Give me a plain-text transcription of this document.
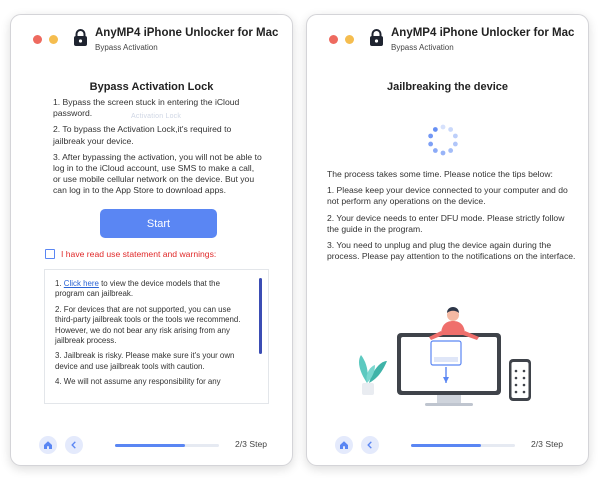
AnyMP4 iPhone Unlocker for Mac
Bypass Activation
Bypass Activation Lock
Activation Lock

1. Bypass the screen stuck in entering the iCloud password.

2. To bypass the Activation Lock,it's required to jailbreak your device.

3. After bypassing the activation, you will not be able to log in to the iCloud account, use SMS to make a call, or use mobile cellular network on the device. But you can log in to the App Store to download apps.

Start
I have read use statement and warnings:

1. Click here to view the device models that the program can jailbreak.

2. For devices that are not supported, you can use third-party jailbreak tools or the tools we recommend. However, we do not bear any risk arising from any jailbreak process.

3. Jailbreak is risky. Please make sure it's your own device and use jailbreak tools with caution.

4. We will not assume any responsibility for any

2/3 Step
AnyMP4 iPhone Unlocker for Mac
Bypass Activation
Jailbreaking the device

The process takes some time. Please notice the tips below:

1. Please keep your device connected to your computer and do not perform any operations on the device.

2. Your device needs to enter DFU mode. Please strictly follow the guide in the program.

3. You need to unplug and plug the device again during the process. Please pay attention to the notifications on the interface.

2/3 Step
